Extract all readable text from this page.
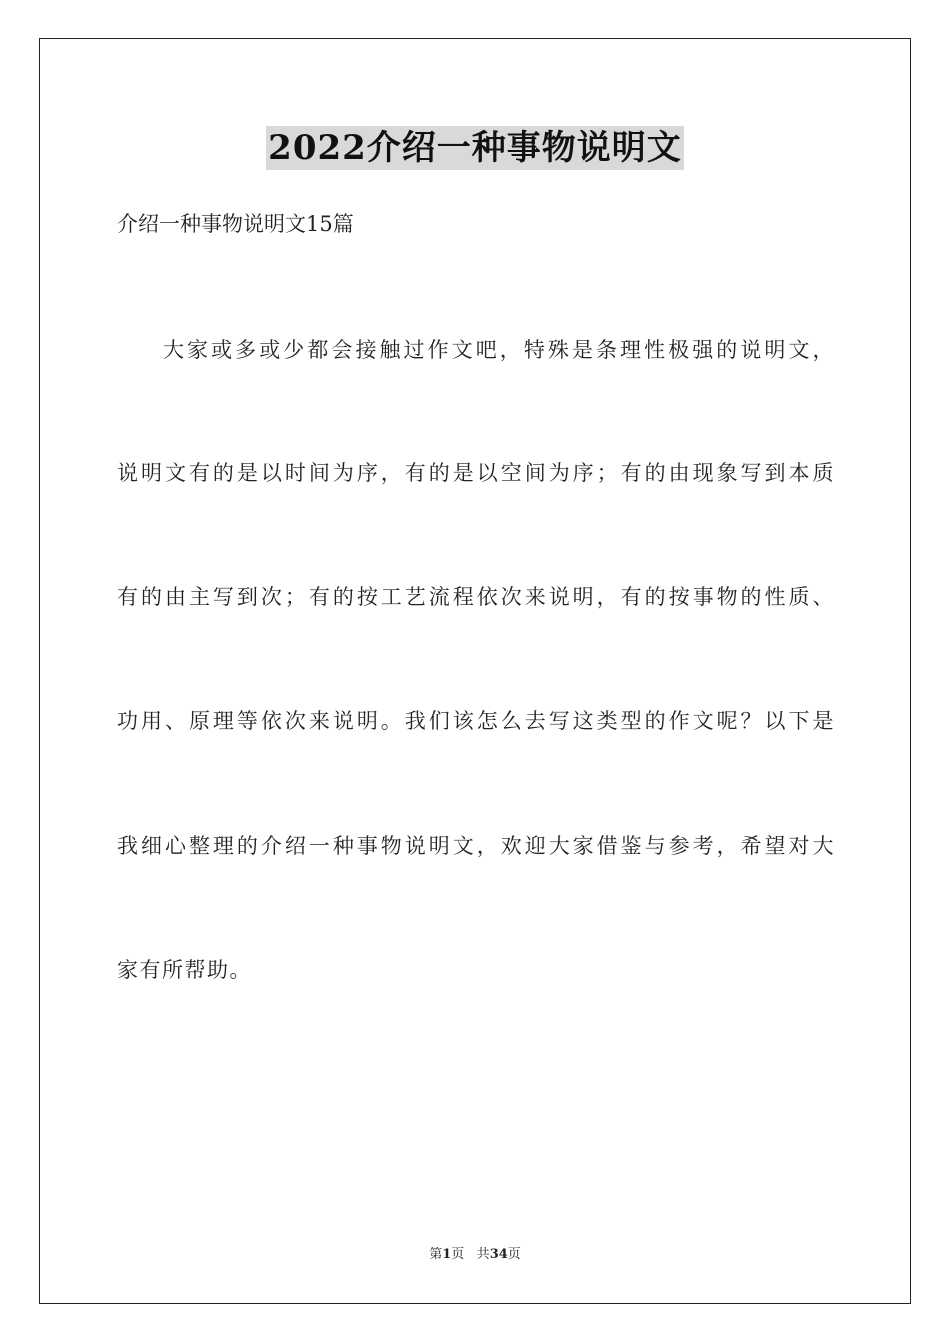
2022介绍一种事物说明文
介绍一种事物说明文15篇
大家或多或少都会接触过作文吧，特殊是条理性极强的说明文，
说明文有的是以时间为序，有的是以空间为序；有的由现象写到本质
有的由主写到次；有的按工艺流程依次来说明，有的按事物的性质、
功用、原理等依次来说明。我们该怎么去写这类型的作文呢？以下是
我细心整理的介绍一种事物说明文，欢迎大家借鉴与参考，希望对大
家有所帮助。
第1页 共34页
